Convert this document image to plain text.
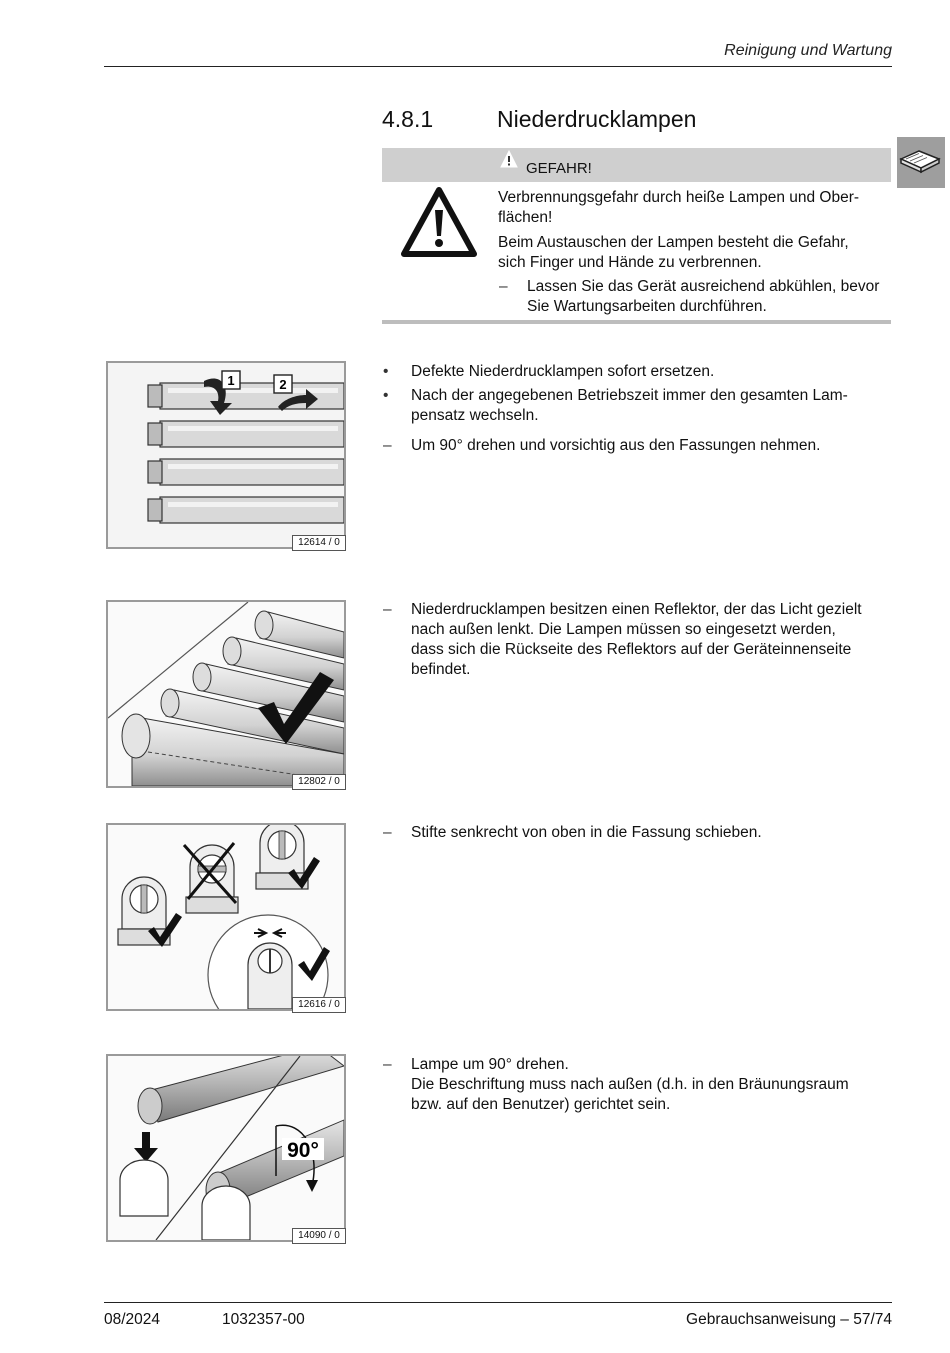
Reinigung und Wartung
4.8.1	Niederdrucklampen
GEFAHR!
Verbrennungsgefahr durch heiße Lampen und Ober-
flächen!
Beim Austauschen der Lampen besteht die Gefahr,
sich Finger und Hände zu verbrennen.
– Lassen Sie das Gerät ausreichend abkühlen, bevor
Sie Wartungsarbeiten durchführen.
1	2
12614 / 0
• Defekte Niederdrucklampen sofort ersetzen.
• Nach der angegebenen Betriebszeit immer den gesamten Lam-
pensatz wechseln.
– Um 90° drehen und vorsichtig aus den Fassungen nehmen.
12802 / 0
– Niederdrucklampen besitzen einen Reflektor, der das Licht gezielt
nach außen lenkt. Die Lampen müssen so eingesetzt werden,
dass sich die Rückseite des Reflektors auf der Geräteinnenseite
befindet.
12616 / 0
– Stifte senkrecht von oben in die Fassung schieben.
90°
14090 / 0
– Lampe um 90° drehen.
Die Beschriftung muss nach außen (d.h. in den Bräunungsraum
bzw. auf den Benutzer) gerichtet sein.
08/2024	1032357-00	Gebrauchsanweisung – 57/74
